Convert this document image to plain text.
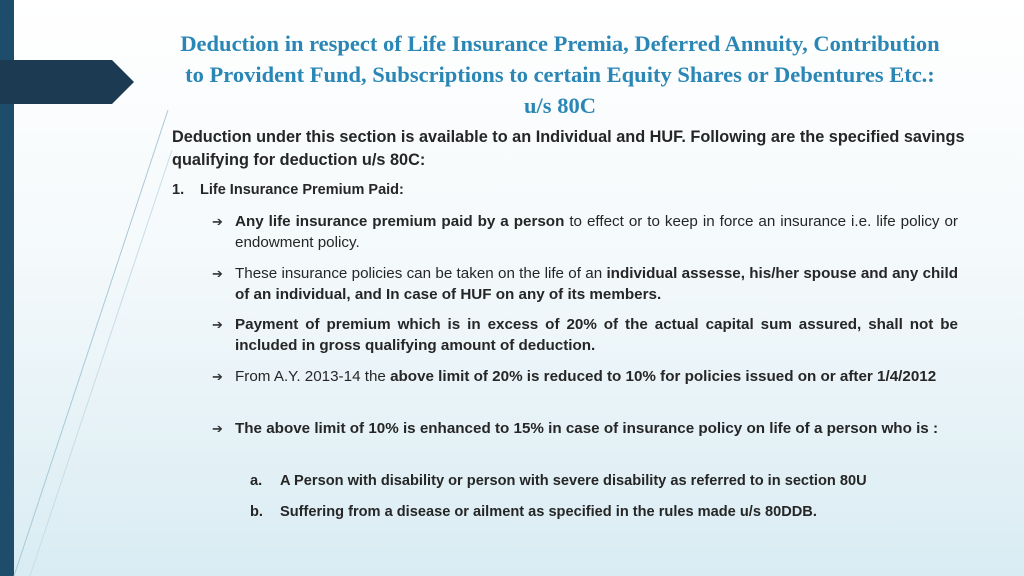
Deduction in respect of Life Insurance Premia, Deferred Annuity, Contribution to Provident Fund, Subscriptions to certain Equity Shares or Debentures Etc.: u/s 80C
Deduction under this section is available to an Individual and HUF. Following are the specified savings qualifying for deduction u/s 80C:
1. Life Insurance Premium Paid:
➔ Any life insurance premium paid by a person to effect or to keep in force an insurance i.e. life policy or endowment policy.
➔ These insurance policies can be taken on the life of an individual assesse, his/her spouse and any child of an individual, and In case of HUF on any of its members.
➔ Payment of premium which is in excess of 20% of the actual capital sum assured, shall not be included in gross qualifying amount of deduction.
➔ From A.Y. 2013-14 the above limit of 20% is reduced to 10% for policies issued on or after 1/4/2012
➔ The above limit of 10% is enhanced to 15% in case of insurance policy on life of a person who is :
a. A Person with disability or person with severe disability as referred to in section 80U
b. Suffering from a disease or ailment as specified in the rules made u/s 80DDB.
